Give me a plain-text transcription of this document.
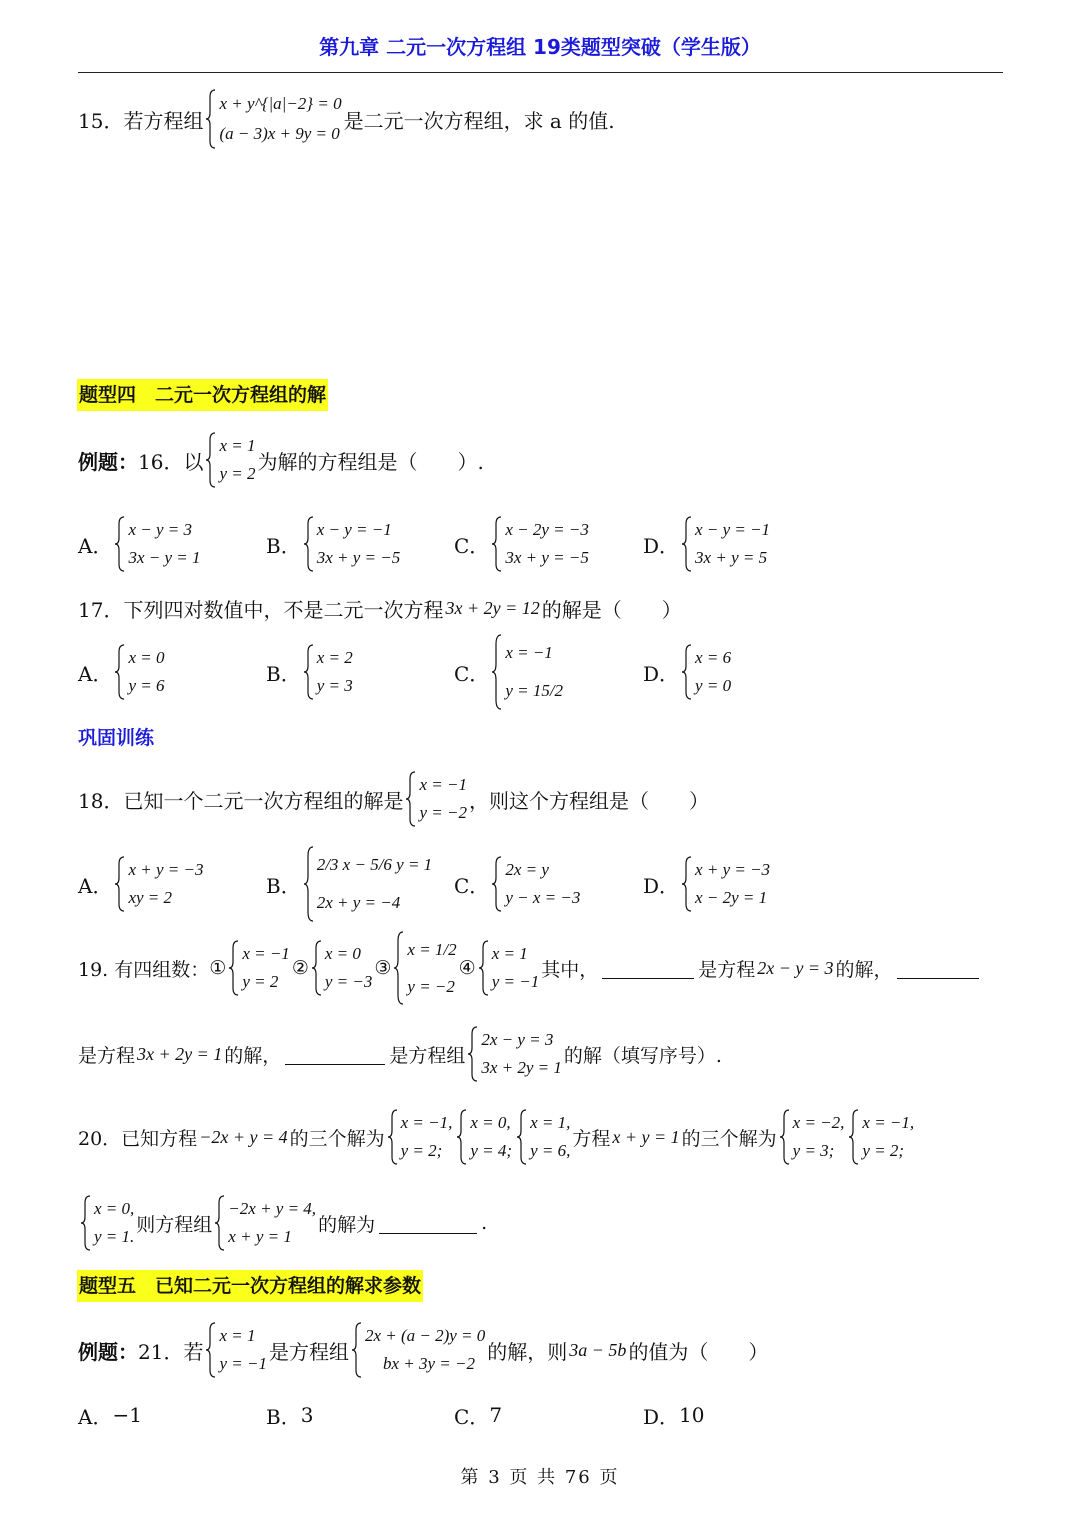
第九章 二元一次方程组 19类题型突破（学生版）
15．若方程组
x + y^{|a|−2} = 0
(a − 3)x + 9y = 0
是二元一次方程组，求 a 的值.
题型四　二元一次方程组的解
例题： 16．以
x = 1
y = 2 为解的方程组是（　　）.
A．
x − y = 3
3x − y = 1	B．
x − y = −1
3x + y = −5	C．
x − 2y = −3
3x + y = −5	D．
x − y = −1
3x + y = 5
17．下列四对数值中，不是二元一次方程 3x + 2y = 12 的解是（　　）
A．
x = 0
y = 6	B．
x = 2
y = 3	C．
x = −1
y = 15/2
D．
x = 6
y = 0
巩固训练
18．已知一个二元一次方程组的解是
x = −1
y = −2 ，则这个方程组是（　　）
A．
x + y = −3
xy = 2	B．
2/3 x − 5/6 y = 1
2x + y = −4
C．
2x = y
y − x = −3	D．
x + y = −3
x − 2y = 1
19. 有四组数： ①
x = −1
y = 2
②
x = 0
y = −3
③
x = 1/2
y = −2
④
x = 1
y = −1
其中，	是方程 2x − y = 3 的解，
是方程 3x + 2y = 1 的解，	是方程组
2x − y = 3
3x + 2y = 1
的解（填写序号）.
20．已知方程 −2x + y = 4 的三个解为
x = −1,
y = 2;
x = 0,
y = 4;
x = 1,
y = 6,
方程 x + y = 1 的三个解为
x = −2,
y = 3;
x = −1,
y = 2;
x = 0,
y = 1.
则方程组
−2x + y = 4,
x + y = 1
的解为	.
题型五　已知二元一次方程组的解求参数
例题： 21．若
x = 1
y = −1 是方程组
2x + (a − 2)y = 0
bx + 3y = −2 的解，则 3a − 5b 的值为（　　）
A． −1	B． 3	C． 7	D． 10
第 3 页 共 76 页
